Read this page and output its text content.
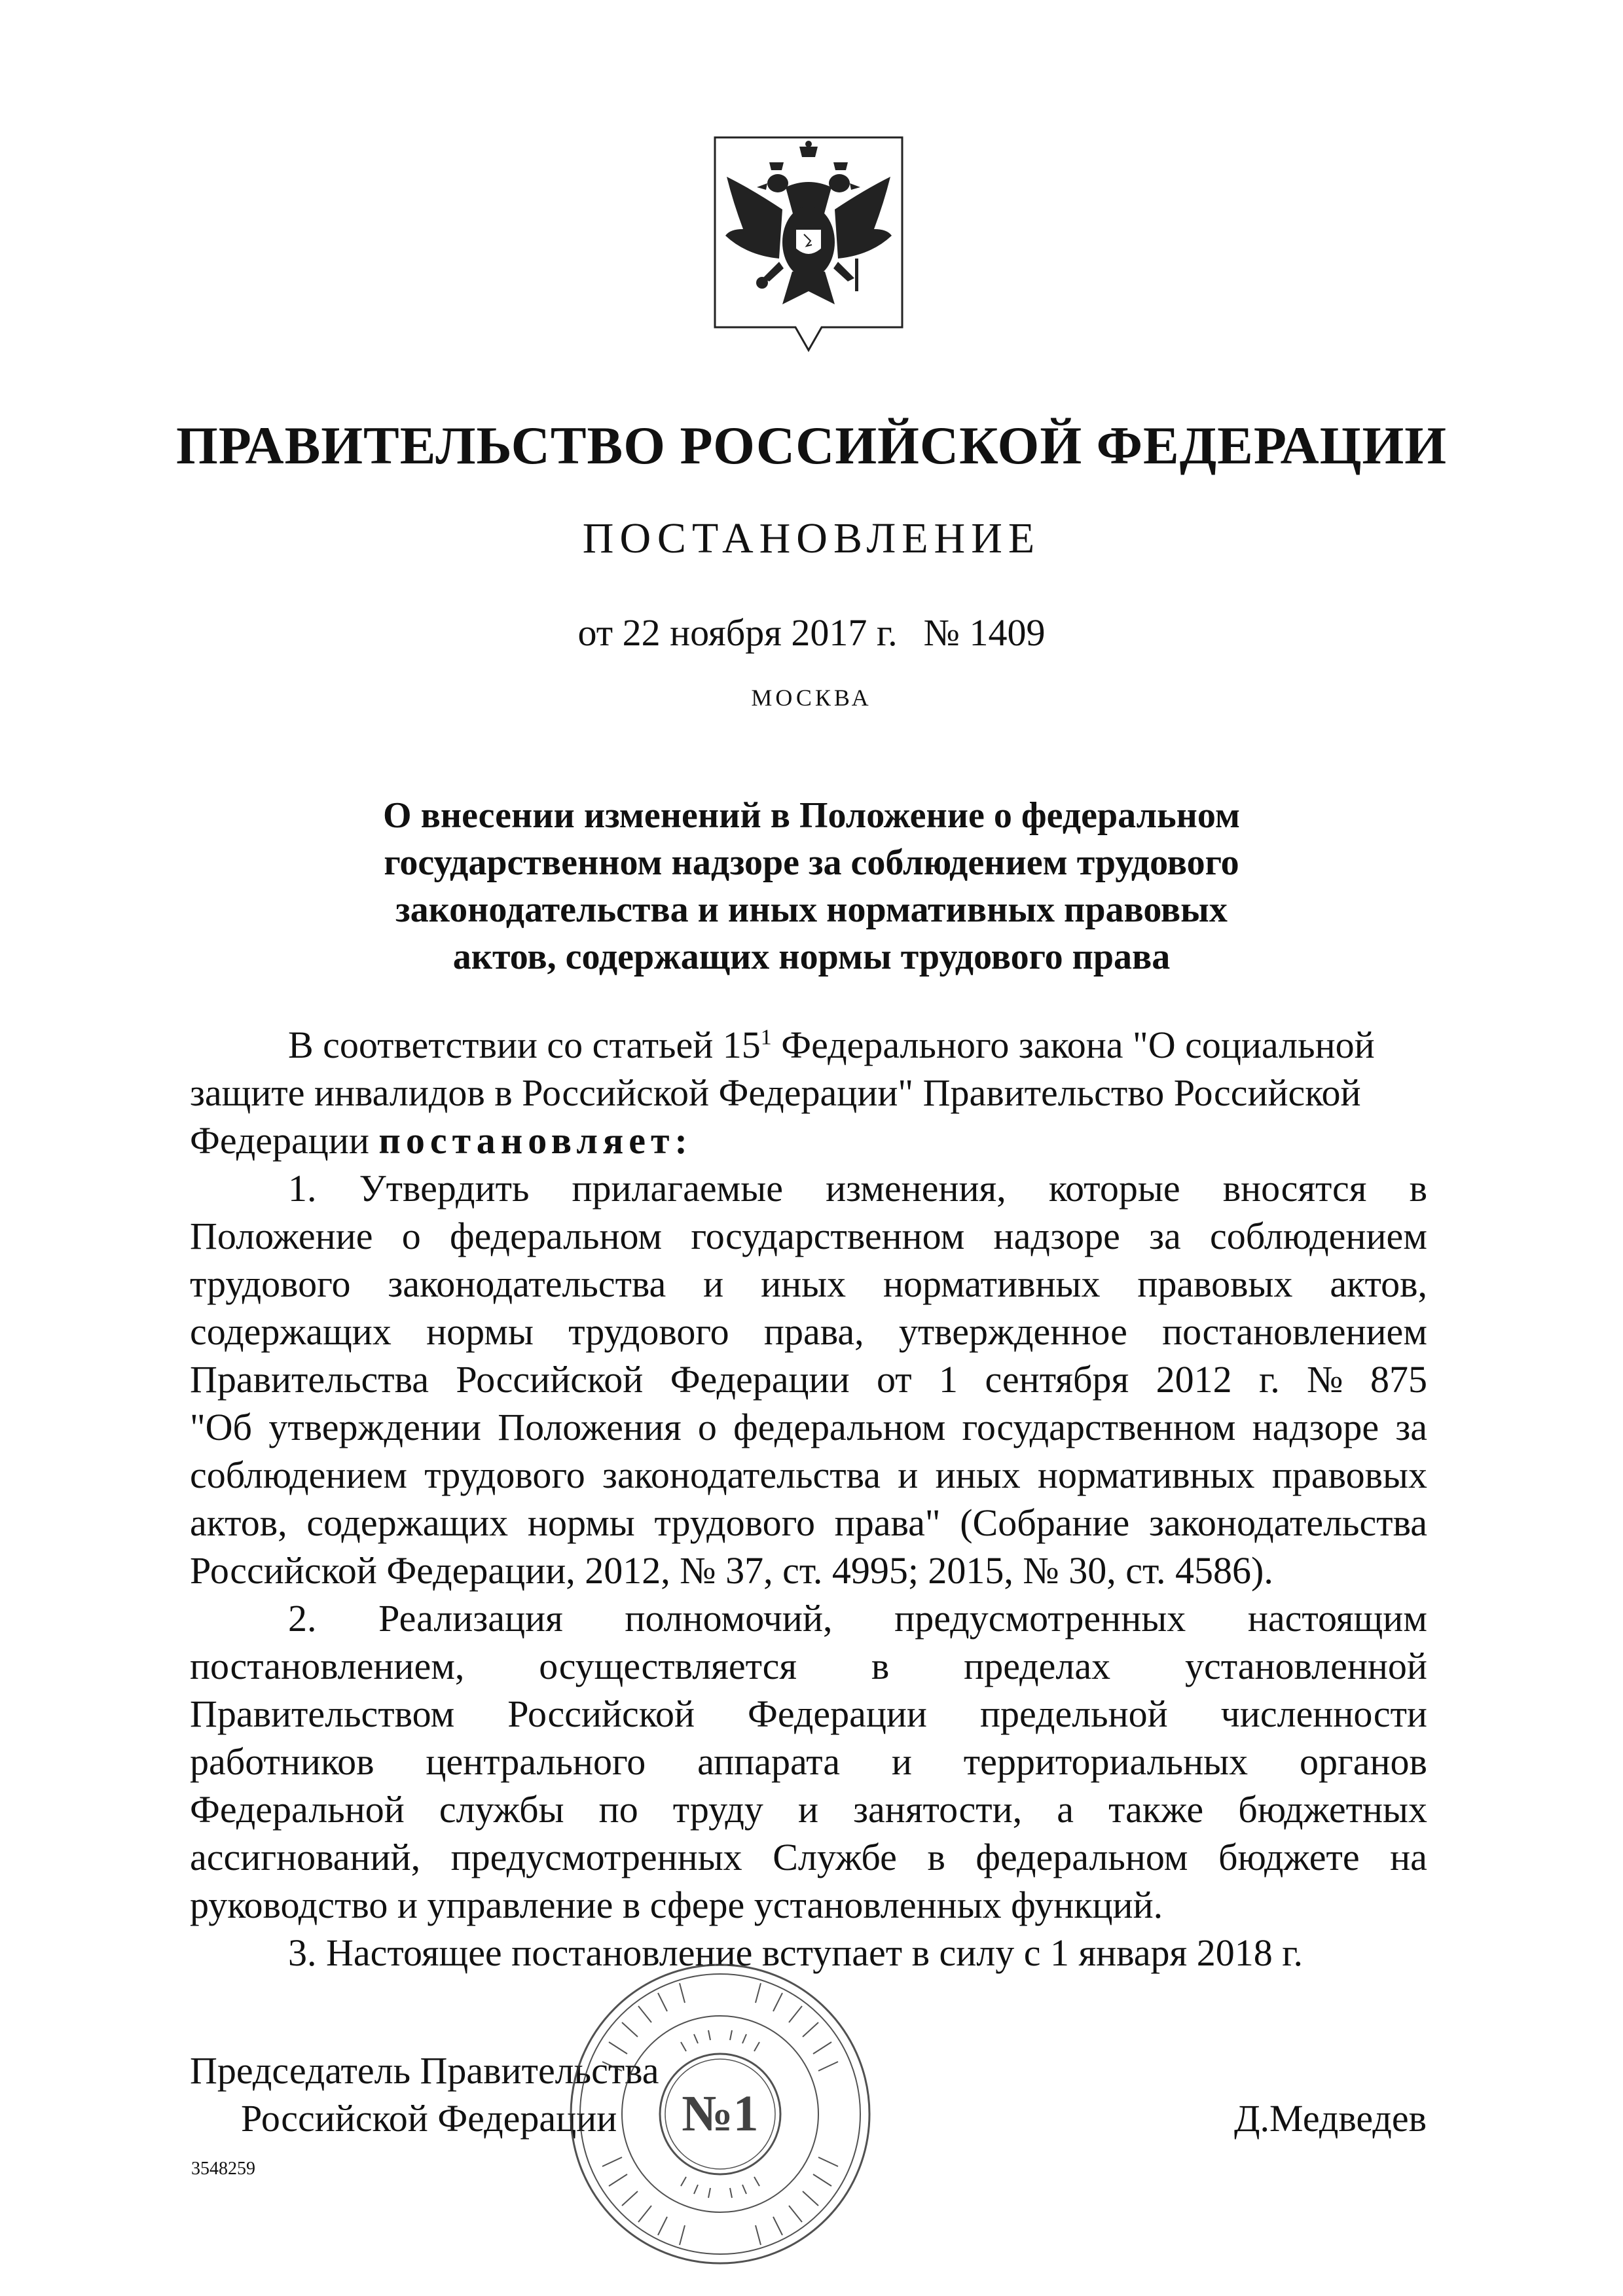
ПРАВИТЕЛЬСТВО РОССИЙСКОЙ ФЕДЕРАЦИИ
ПОСТАНОВЛЕНИЕ
от 22 ноября 2017 г. № 1409
МОСКВА
О внесении изменений в Положение о федеральном
государственном надзоре за соблюдением трудового
законодательства и иных нормативных правовых
актов, содержащих нормы трудового права
В соответствии со статьей $15^1$ Федерального закона "О социальной
защите инвалидов в Российской Федерации" Правительство Российской
Федерации постановляет:
1. Утвердить прилагаемые изменения, которые вносятся в
Положение о федеральном государственном надзоре за соблюдением
трудового законодательства и иных нормативных правовых актов,
содержащих нормы трудового права, утвержденное постановлением
Правительства Российской Федерации от 1 сентября 2012 г. № 875
"Об утверждении Положения о федеральном государственном надзоре за
соблюдением трудового законодательства и иных нормативных правовых
актов, содержащих нормы трудового права" (Собрание законодательства
Российской Федерации, 2012, № 37, ст. 4995; 2015, № 30, ст. 4586).
2. Реализация полномочий, предусмотренных настоящим
постановлением, осуществляется в пределах установленной
Правительством Российской Федерации предельной численности
работников центрального аппарата и территориальных органов
Федеральной службы по труду и занятости, а также бюджетных
ассигнований, предусмотренных Службе в федеральном бюджете на
руководство и управление в сфере установленных функций.
3. Настоящее постановление вступает в силу с 1 января 2018 г.
Председатель Правительства
Российской Федерации	Д.Медведев
3548259
№1
